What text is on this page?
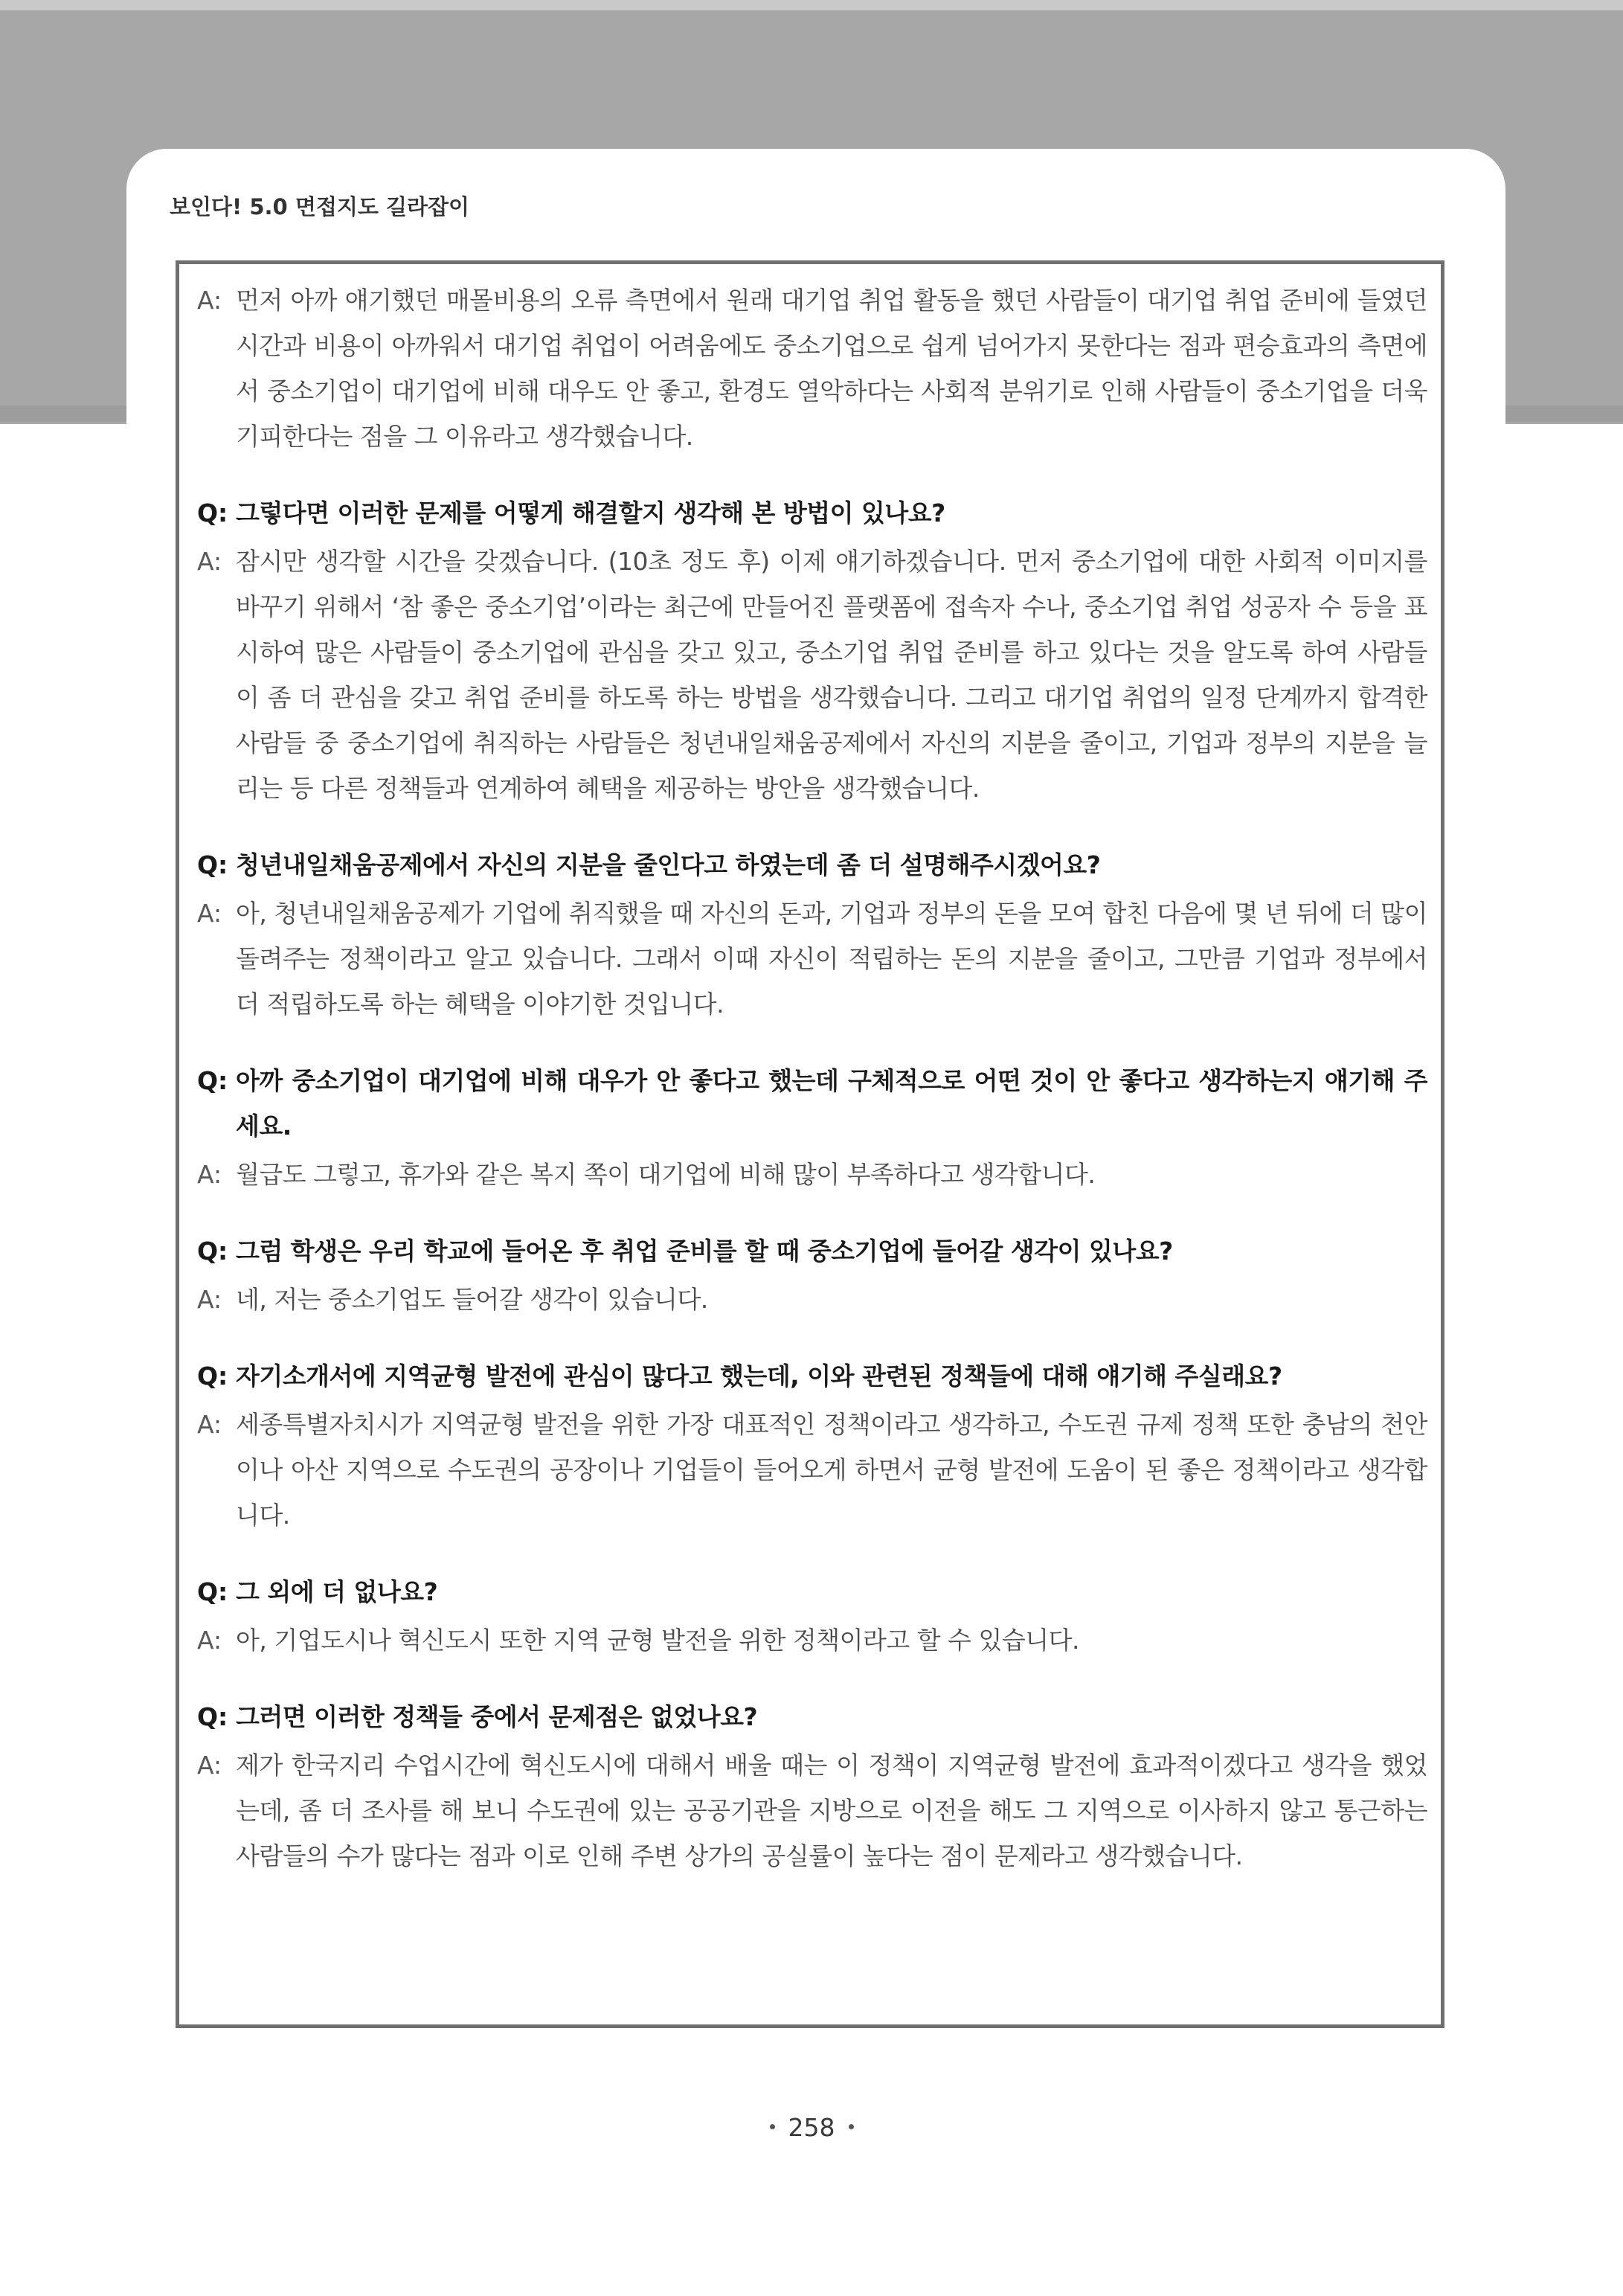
보인다! 5.0 면접지도 길라잡이
A: 먼저 아까 얘기했던 매몰비용의 오류 측면에서 원래 대기업 취업 활동을 했던 사람들이 대기업 취업 준비에 들였던 시간과 비용이 아까워서 대기업 취업이 어려움에도 중소기업으로 쉽게 넘어가지 못한다는 점과 편승효과의 측면에서 중소기업이 대기업에 비해 대우도 안 좋고, 환경도 열악하다는 사회적 분위기로 인해 사람들이 중소기업을 더욱 기피한다는 점을 그 이유라고 생각했습니다.
Q: 그렇다면 이러한 문제를 어떻게 해결할지 생각해 본 방법이 있나요?
A: 잠시만 생각할 시간을 갖겠습니다. (10초 정도 후) 이제 얘기하겠습니다. 먼저 중소기업에 대한 사회적 이미지를 바꾸기 위해서 ‘참 좋은 중소기업’이라는 최근에 만들어진 플랫폼에 접속자 수나, 중소기업 취업 성공자 수 등을 표시하여 많은 사람들이 중소기업에 관심을 갖고 있고, 중소기업 취업 준비를 하고 있다는 것을 알도록 하여 사람들이 좀 더 관심을 갖고 취업 준비를 하도록 하는 방법을 생각했습니다. 그리고 대기업 취업의 일정 단계까지 합격한 사람들 중 중소기업에 취직하는 사람들은 청년내일채움공제에서 자신의 지분을 줄이고, 기업과 정부의 지분을 늘리는 등 다른 정책들과 연계하여 혜택을 제공하는 방안을 생각했습니다.
Q: 청년내일채움공제에서 자신의 지분을 줄인다고 하였는데 좀 더 설명해주시겠어요?
A: 아, 청년내일채움공제가 기업에 취직했을 때 자신의 돈과, 기업과 정부의 돈을 모여 합친 다음에 몇 년 뒤에 더 많이 돌려주는 정책이라고 알고 있습니다. 그래서 이때 자신이 적립하는 돈의 지분을 줄이고, 그만큼 기업과 정부에서 더 적립하도록 하는 혜택을 이야기한 것입니다.
Q: 아까 중소기업이 대기업에 비해 대우가 안 좋다고 했는데 구체적으로 어떤 것이 안 좋다고 생각하는지 얘기해 주세요.
A: 월급도 그렇고, 휴가와 같은 복지 쪽이 대기업에 비해 많이 부족하다고 생각합니다.
Q: 그럼 학생은 우리 학교에 들어온 후 취업 준비를 할 때 중소기업에 들어갈 생각이 있나요?
A: 네, 저는 중소기업도 들어갈 생각이 있습니다.
Q: 자기소개서에 지역균형 발전에 관심이 많다고 했는데, 이와 관련된 정책들에 대해 얘기해 주실래요?
A: 세종특별자치시가 지역균형 발전을 위한 가장 대표적인 정책이라고 생각하고, 수도권 규제 정책 또한 충남의 천안이나 아산 지역으로 수도권의 공장이나 기업들이 들어오게 하면서 균형 발전에 도움이 된 좋은 정책이라고 생각합니다.
Q: 그 외에 더 없나요?
A: 아, 기업도시나 혁신도시 또한 지역 균형 발전을 위한 정책이라고 할 수 있습니다.
Q: 그러면 이러한 정책들 중에서 문제점은 없었나요?
A: 제가 한국지리 수업시간에 혁신도시에 대해서 배울 때는 이 정책이 지역균형 발전에 효과적이겠다고 생각을 했었는데, 좀 더 조사를 해 보니 수도권에 있는 공공기관을 지방으로 이전을 해도 그 지역으로 이사하지 않고 통근하는 사람들의 수가 많다는 점과 이로 인해 주변 상가의 공실률이 높다는 점이 문제라고 생각했습니다.
258
